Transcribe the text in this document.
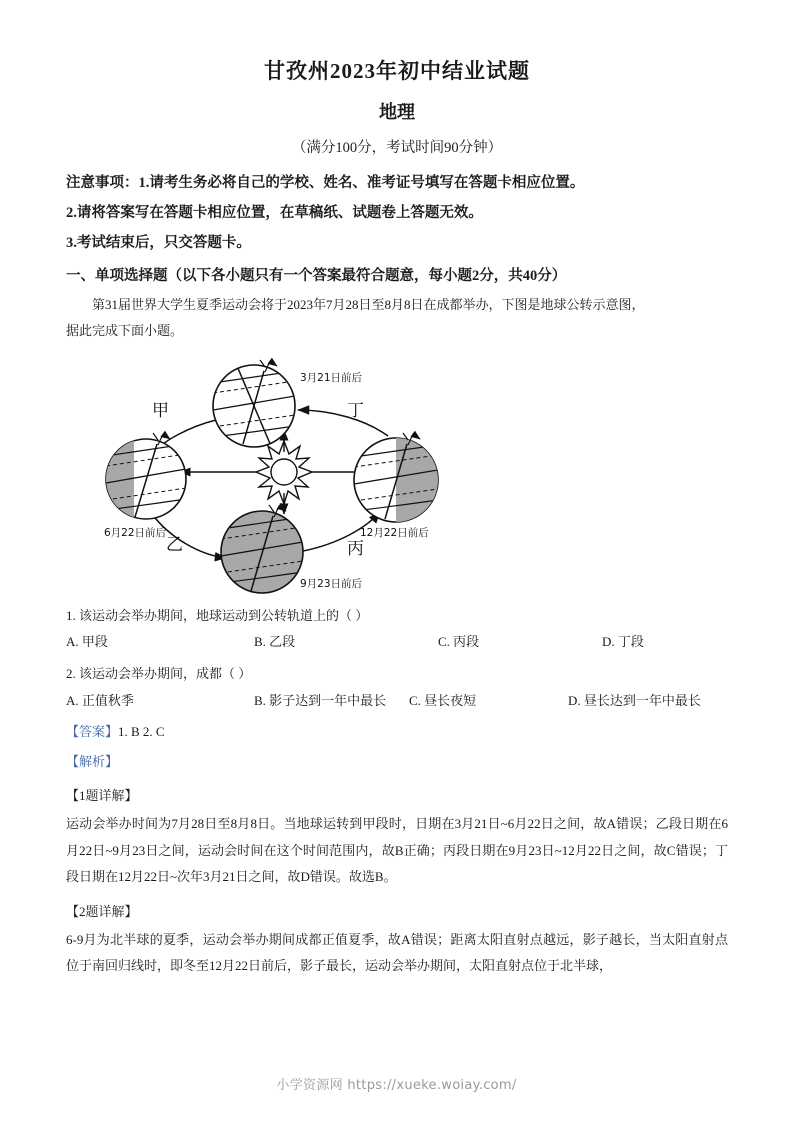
甘孜州2023年初中结业试题
地理

（满分100分，考试时间90分钟）

注意事项：1.请考生务必将自己的学校、姓名、准考证号填写在答题卡相应位置。

2.请将答案写在答题卡相应位置，在草稿纸、试题卷上答题无效。

3.考试结束后，只交答题卡。

一、单项选择题（以下各小题只有一个答案最符合题意，每小题2分，共40分）

第31届世界大学生夏季运动会将于2023年7月28日至8月8日在成都举办，下图是地球公转示意图，

据此完成下面小题。

3月21日前后
6月22日前后
9月23日前后
12月22日前后
甲
乙	丙
丁

1. 该运动会举办期间，地球运动到公转轨道上的（ ）

A. 甲段	B. 乙段	C. 丙段	D. 丁段

2. 该运动会举办期间，成都（ ）

A. 正值秋季	B. 影子达到一年中最长 C. 昼长夜短	D. 昼长达到一年中最长

【答案】1. B 2. C

【解析】

【1题详解】

运动会举办时间为7月28日至8月8日。当地球运转到甲段时，日期在3月21日~6月22日之间，故A错误；乙段日期在6月22日~9月23日之间，运动会时间在这个时间范围内，故B正确；丙段日期在9月23日~12月22日之间，故C错误；丁段日期在12月22日~次年3月21日之间，故D错误。故选B。

【2题详解】

6-9月为北半球的夏季，运动会举办期间成都正值夏季，故A错误；距离太阳直射点越远，影子越长，当太阳直射点位于南回归线时，即冬至12月22日前后，影子最长，运动会举办期间，太阳直射点位于北半球，

小学资源网 https://xueke.woiay.com/
